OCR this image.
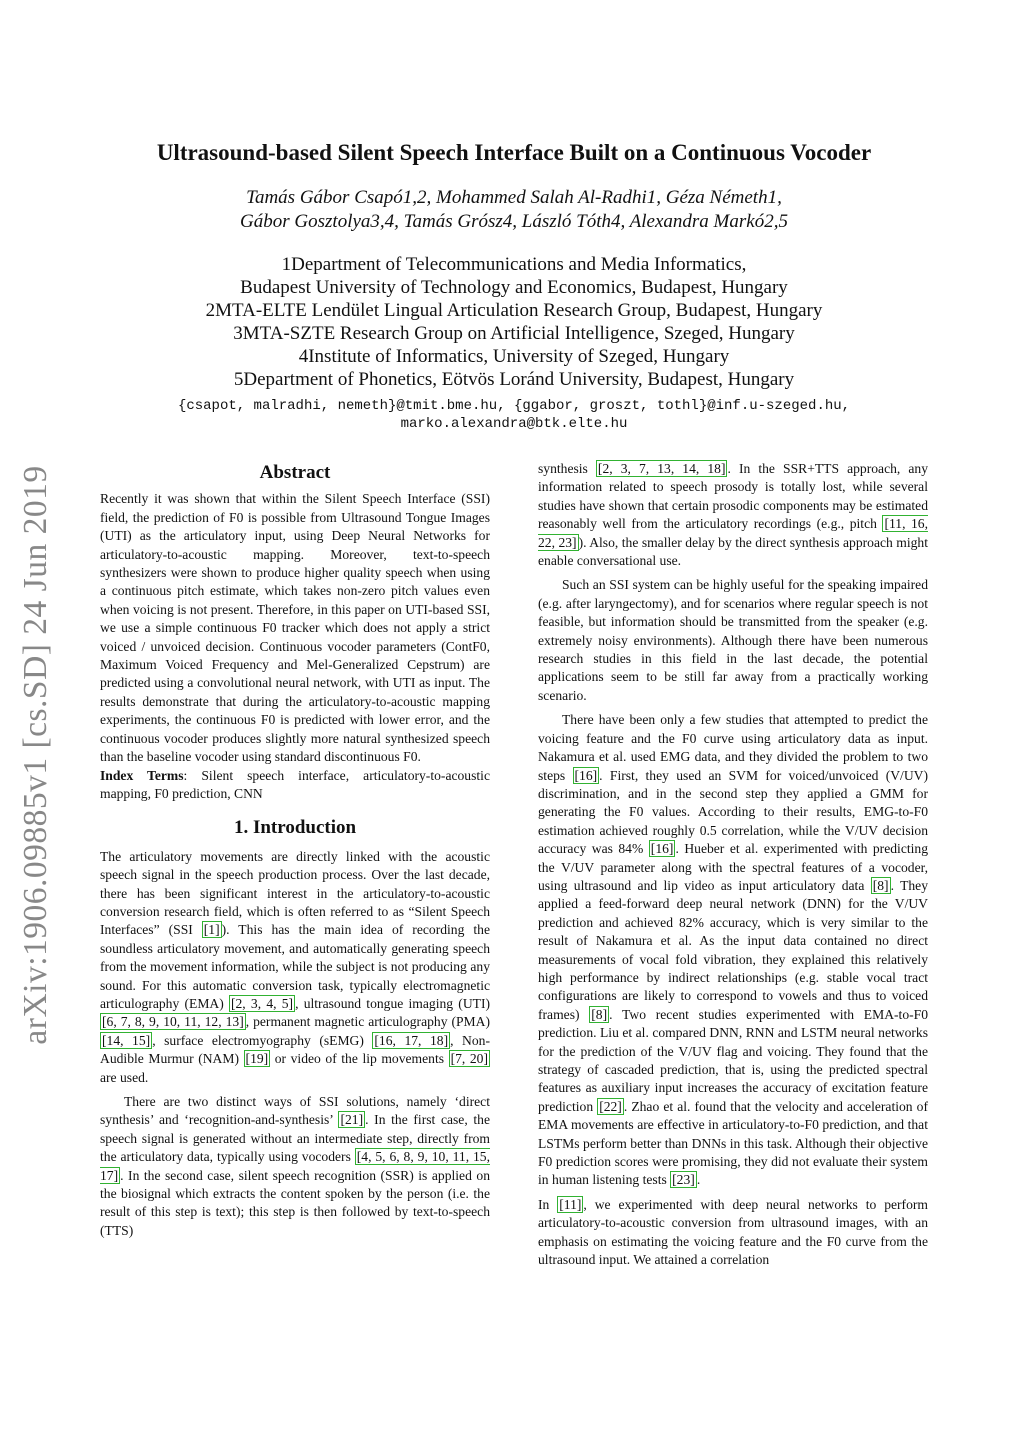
arXiv:1906.09885v1 [cs.SD] 24 Jun 2019
Ultrasound-based Silent Speech Interface Built on a Continuous Vocoder
Tamás Gábor Csapó1,2, Mohammed Salah Al-Radhi1, Géza Németh1,
Gábor Gosztolya3,4, Tamás Grósz4, László Tóth4, Alexandra Markó2,5
1Department of Telecommunications and Media Informatics,
Budapest University of Technology and Economics, Budapest, Hungary
2MTA-ELTE Lendület Lingual Articulation Research Group, Budapest, Hungary
3MTA-SZTE Research Group on Artificial Intelligence, Szeged, Hungary
4Institute of Informatics, University of Szeged, Hungary
5Department of Phonetics, Eötvös Loránd University, Budapest, Hungary
{csapot, malradhi, nemeth}@tmit.bme.hu, {ggabor, groszt, tothl}@inf.u-szeged.hu,
marko.alexandra@btk.elte.hu
Abstract

Recently it was shown that within the Silent Speech Interface (SSI) field, the prediction of F0 is possible from Ultrasound Tongue Images (UTI) as the articulatory input, using Deep Neural Networks for articulatory-to-acoustic mapping. Moreover, text-to-speech synthesizers were shown to produce higher quality speech when using a continuous pitch estimate, which takes non-zero pitch values even when voicing is not present. Therefore, in this paper on UTI-based SSI, we use a simple continuous F0 tracker which does not apply a strict voiced / unvoiced decision. Continuous vocoder parameters (ContF0, Maximum Voiced Frequency and Mel-Generalized Cepstrum) are predicted using a convolutional neural network, with UTI as input. The results demonstrate that during the articulatory-to-acoustic mapping experiments, the continuous F0 is predicted with lower error, and the continuous vocoder produces slightly more natural synthesized speech than the baseline vocoder using standard discontinuous F0.

Index Terms: Silent speech interface, articulatory-to-acoustic mapping, F0 prediction, CNN

1. Introduction

The articulatory movements are directly linked with the acoustic speech signal in the speech production process. Over the last decade, there has been significant interest in the articulatory-to-acoustic conversion research field, which is often referred to as “Silent Speech Interfaces” (SSI [1] ). This has the main idea of recording the soundless articulatory movement, and automatically generating speech from the movement information, while the subject is not producing any sound. For this automatic conversion task, typically electromagnetic articulography (EMA) [2, 3, 4, 5] , ultrasound tongue imaging (UTI) [6, 7, 8, 9, 10, 11, 12, 13] , permanent magnetic articulography (PMA) [14, 15] , surface electromyography (sEMG) [16, 17, 18] , Non-Audible Murmur (NAM) [19] or video of the lip movements [7, 20] are used.

There are two distinct ways of SSI solutions, namely ‘direct synthesis’ and ‘recognition-and-synthesis’ [21] . In the first case, the speech signal is generated without an intermediate step, directly from the articulatory data, typically using vocoders [4, 5, 6, 8, 9, 10, 11, 15, 17] . In the second case, silent speech recognition (SSR) is applied on the biosignal which extracts the content spoken by the person (i.e. the result of this step is text); this step is then followed by text-to-speech (TTS)

synthesis [2, 3, 7, 13, 14, 18] . In the SSR+TTS approach, any information related to speech prosody is totally lost, while several studies have shown that certain prosodic components may be estimated reasonably well from the articulatory recordings (e.g., pitch [11, 16, 22, 23] ). Also, the smaller delay by the direct synthesis approach might enable conversational use.

Such an SSI system can be highly useful for the speaking impaired (e.g. after laryngectomy), and for scenarios where regular speech is not feasible, but information should be transmitted from the speaker (e.g. extremely noisy environments). Although there have been numerous research studies in this field in the last decade, the potential applications seem to be still far away from a practically working scenario.

There have been only a few studies that attempted to predict the voicing feature and the F0 curve using articulatory data as input. Nakamura et al. used EMG data, and they divided the problem to two steps [16] . First, they used an SVM for voiced/unvoiced (V/UV) discrimination, and in the second step they applied a GMM for generating the F0 values. According to their results, EMG-to-F0 estimation achieved roughly 0.5 correlation, while the V/UV decision accuracy was 84% [16] . Hueber et al. experimented with predicting the V/UV parameter along with the spectral features of a vocoder, using ultrasound and lip video as input articulatory data [8] . They applied a feed-forward deep neural network (DNN) for the V/UV prediction and achieved 82% accuracy, which is very similar to the result of Nakamura et al. As the input data contained no direct measurements of vocal fold vibration, they explained this relatively high performance by indirect relationships (e.g. stable vocal tract configurations are likely to correspond to vowels and thus to voiced frames) [8] . Two recent studies experimented with EMA-to-F0 prediction. Liu et al. compared DNN, RNN and LSTM neural networks for the prediction of the V/UV flag and voicing. They found that the strategy of cascaded prediction, that is, using the predicted spectral features as auxiliary input increases the accuracy of excitation feature prediction [22] . Zhao et al. found that the velocity and acceleration of EMA movements are effective in articulatory-to-F0 prediction, and that LSTMs perform better than DNNs in this task. Although their objective F0 prediction scores were promising, they did not evaluate their system in human listening tests [23] .

In [11] , we experimented with deep neural networks to perform articulatory-to-acoustic conversion from ultrasound images, with an emphasis on estimating the voicing feature and the F0 curve from the ultrasound input. We attained a correlation
